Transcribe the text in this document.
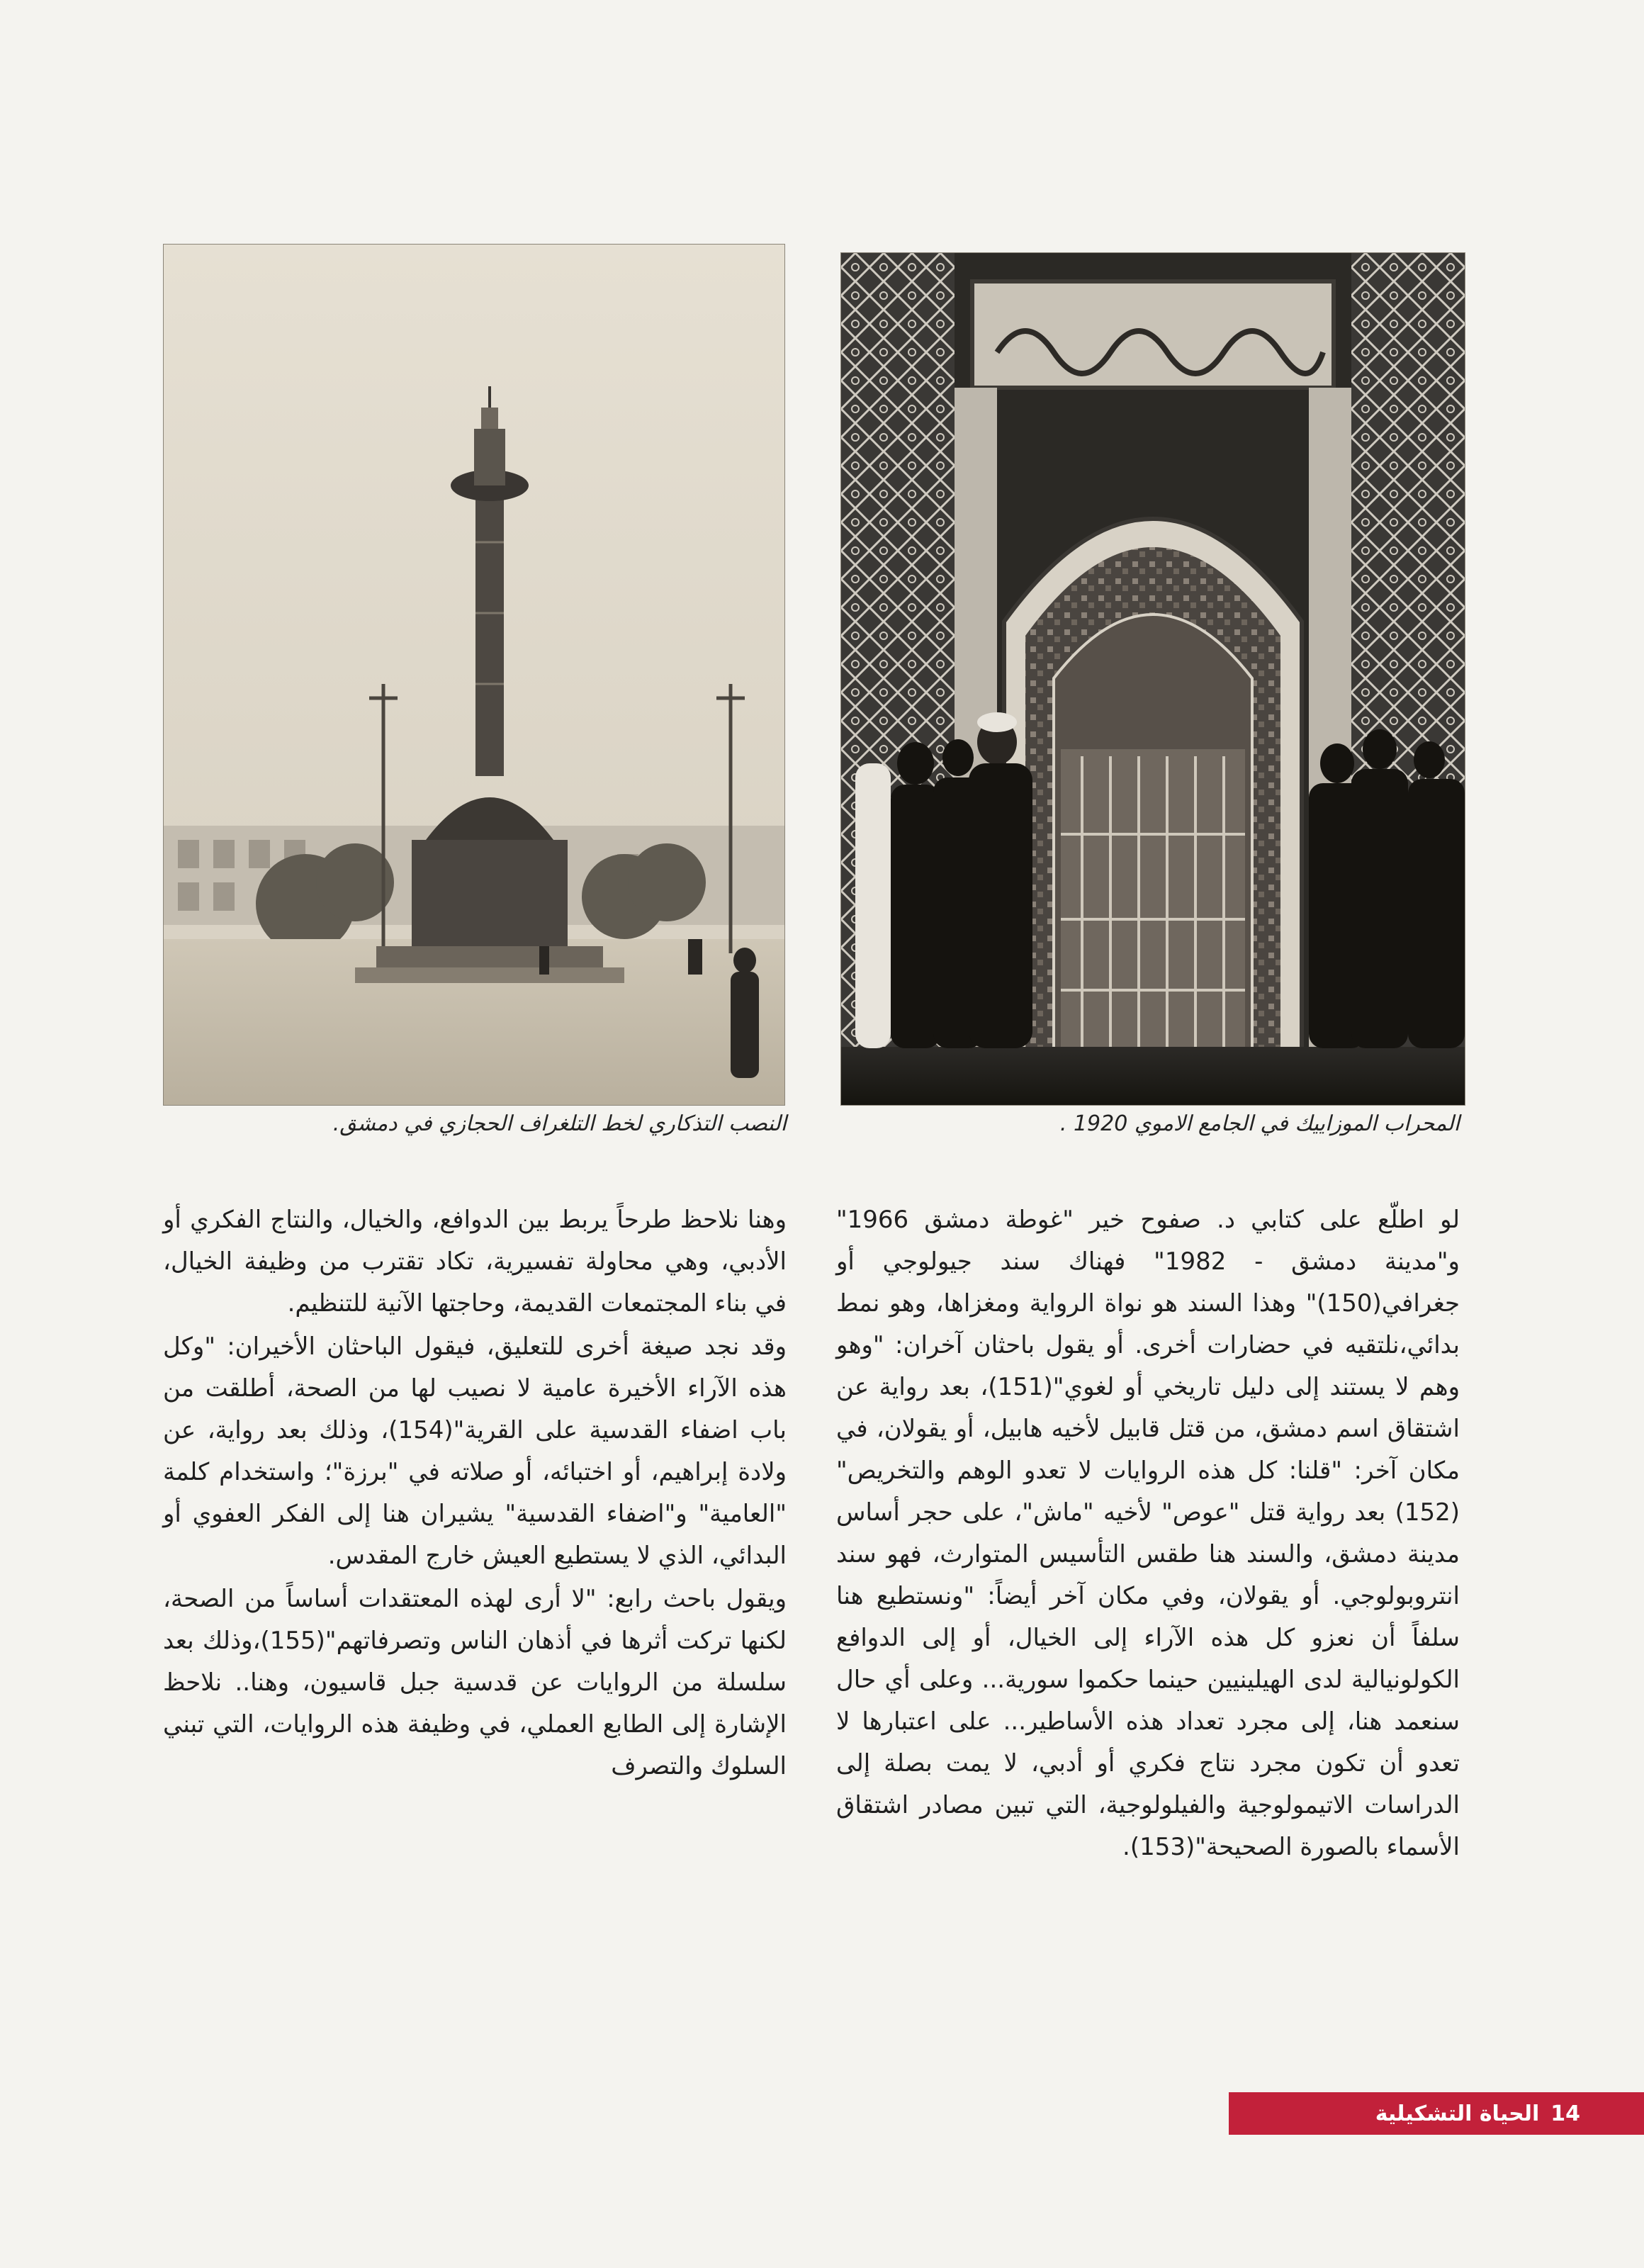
المحراب الموزاييك في الجامع الاموي 1920 .
النصب التذكاري لخط التلغراف الحجازي في دمشق.

لو اطلّع على كتابي د. صفوح خير "غوطة دمشق 1966" و"مدينة دمشق - 1982" فهناك سند جيولوجي أو جغرافي(150)" وهذا السند هو نواة الرواية ومغزاها، وهو نمط بدائي،نلتقيه في حضارات أخرى. أو يقول باحثان آخران: "وهو وهم لا يستند إلى دليل تاريخي أو لغوي"(151)، بعد رواية عن اشتقاق اسم دمشق، من قتل قابيل لأخيه هابيل، أو يقولان، في مكان آخر: "قلنا: كل هذه الروايات لا تعدو الوهم والتخريص"(152) بعد رواية قتل "عوص" لأخيه "ماش"، على حجر أساس مدينة دمشق، والسند هنا طقس التأسيس المتوارث، فهو سند انتروبولوجي. أو يقولان، وفي مكان آخر أيضاً: "ونستطيع هنا سلفاً أن نعزو كل هذه الآراء إلى الخيال، أو إلى الدوافع الكولونيالية لدى الهيلينيين حينما حكموا سورية... وعلى أي حال سنعمد هنا، إلى مجرد تعداد هذه الأساطير... على اعتبارها لا تعدو أن تكون مجرد نتاج فكري أو أدبي، لا يمت بصلة إلى الدراسات الاتيمولوجية والفيلولوجية، التي تبين مصادر اشتقاق الأسماء بالصورة الصحيحة"(153).

وهنا نلاحظ طرحاً يربط بين الدوافع، والخيال، والنتاج الفكري أو الأدبي، وهي محاولة تفسيرية، تكاد تقترب من وظيفة الخيال، في بناء المجتمعات القديمة، وحاجتها الآنية للتنظيم.

وقد نجد صيغة أخرى للتعليق، فيقول الباحثان الأخيران: "وكل هذه الآراء الأخيرة عامية لا نصيب لها من الصحة، أطلقت من باب اضفاء القدسية على القرية"(154)، وذلك بعد رواية، عن ولادة إبراهيم، أو اختبائه، أو صلاته في "برزة"؛ واستخدام كلمة "العامية" و"اضفاء القدسية" يشيران هنا إلى الفكر العفوي أو البدائي، الذي لا يستطيع العيش خارج المقدس.

ويقول باحث رابع: "لا أرى لهذه المعتقدات أساساً من الصحة، لكنها تركت أثرها في أذهان الناس وتصرفاتهم"(155)،وذلك بعد سلسلة من الروايات عن قدسية جبل قاسيون، وهنا.. نلاحظ الإشارة إلى الطابع العملي، في وظيفة هذه الروايات، التي تبني السلوك والتصرف

14
الحياة التشكيلية
